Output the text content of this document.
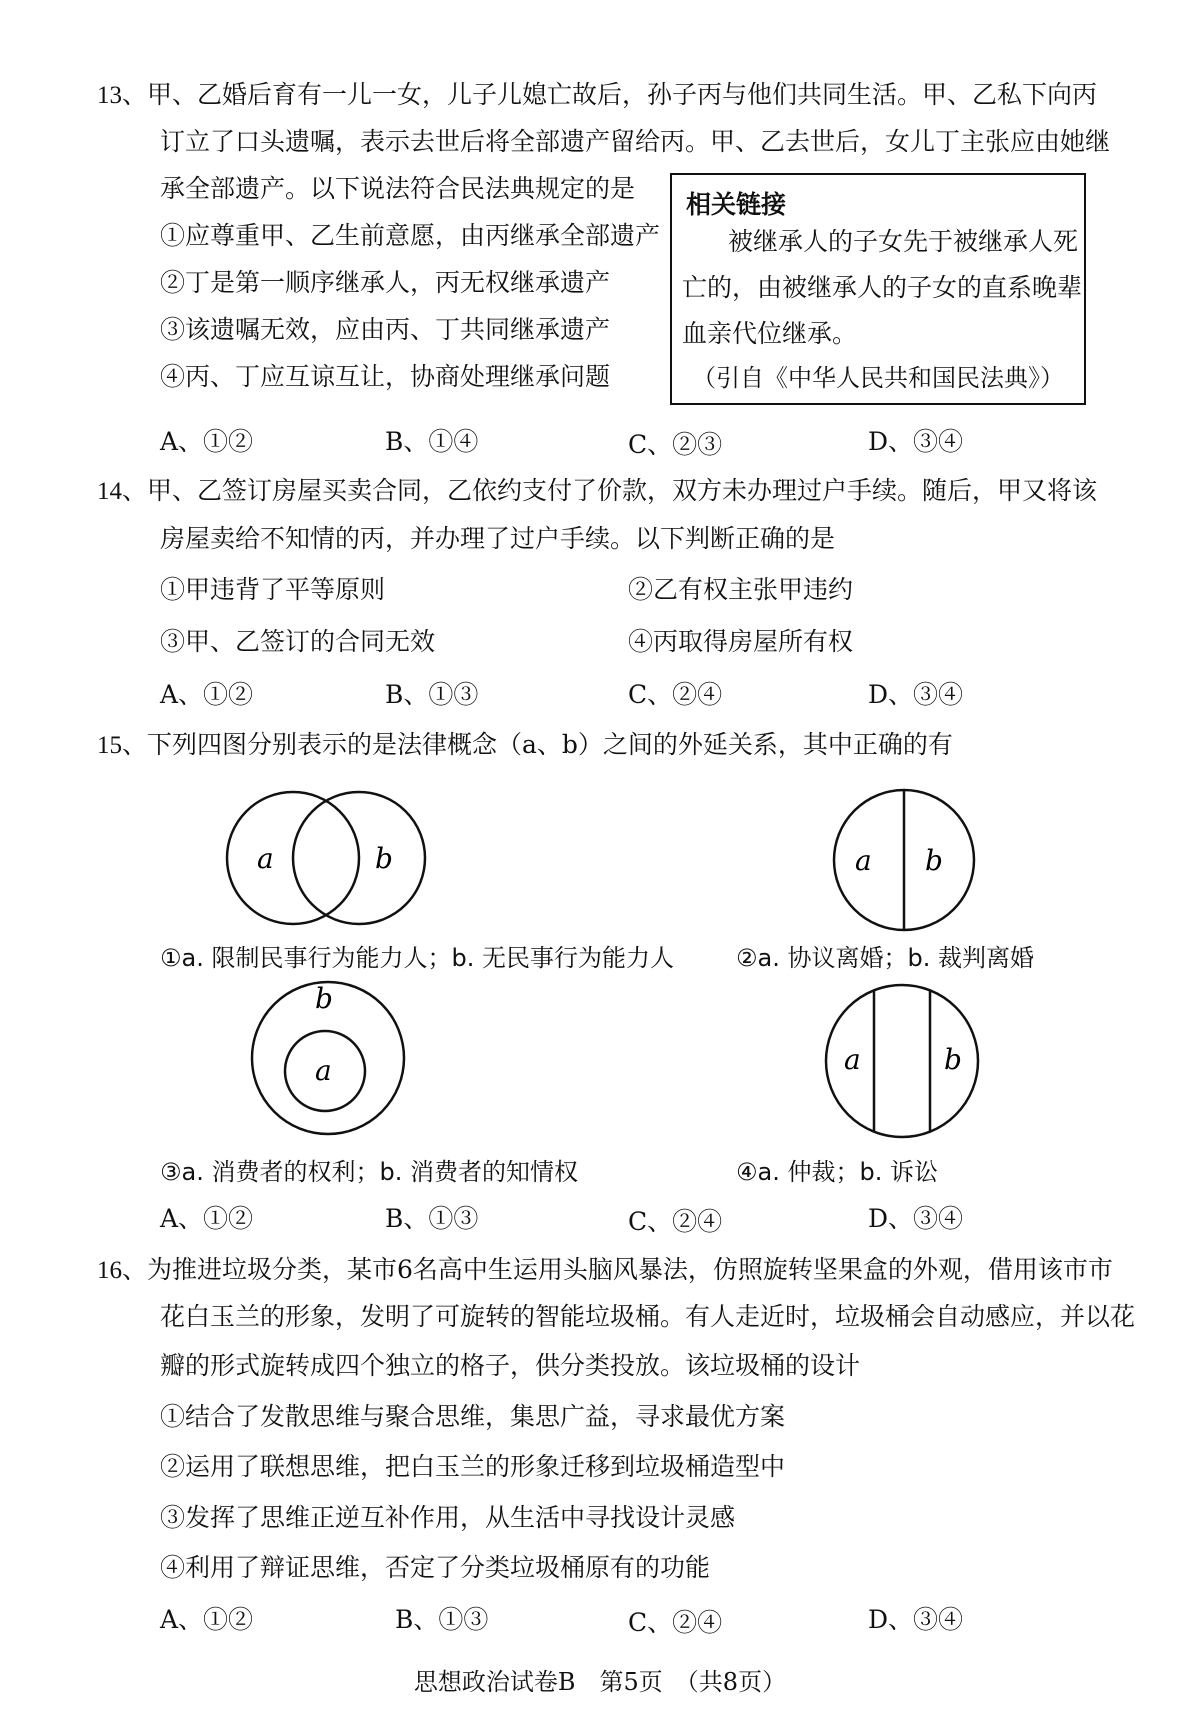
13、甲、乙婚后育有一儿一女，儿子儿媳亡故后，孙子丙与他们共同生活。甲、乙私下向丙
订立了口头遗嘱，表示去世后将全部遗产留给丙。甲、乙去世后，女儿丁主张应由她继
承全部遗产。以下说法符合民法典规定的是
①应尊重甲、乙生前意愿，由丙继承全部遗产
②丁是第一顺序继承人，丙无权继承遗产
③该遗嘱无效，应由丙、丁共同继承遗产
④丙、丁应互谅互让，协商处理继承问题
相关链接
被继承人的子女先于被继承人死
亡的，由被继承人的子女的直系晚辈
血亲代位继承。
（引自《中华人民共和国民法典》）
A、①②	B、①④	C、②③	D、③④
14、甲、乙签订房屋买卖合同，乙依约支付了价款，双方未办理过户手续。随后，甲又将该
房屋卖给不知情的丙，并办理了过户手续。以下判断正确的是
①甲违背了平等原则	②乙有权主张甲违约
③甲、乙签订的合同无效	④丙取得房屋所有权
A、①②	B、①③	C、②④	D、③④
15、下列四图分别表示的是法律概念（a、b）之间的外延关系，其中正确的有
a	b	a b
①a. 限制民事行为能力人；b. 无民事行为能力人	②a. 协议离婚；b. 裁判离婚
b
a	a	b
③a. 消费者的权利；b. 消费者的知情权	④a. 仲裁；b. 诉讼
A、①②	B、①③	C、②④	D、③④
16、为推进垃圾分类，某市6名高中生运用头脑风暴法，仿照旋转坚果盒的外观，借用该市市
花白玉兰的形象，发明了可旋转的智能垃圾桶。有人走近时，垃圾桶会自动感应，并以花
瓣的形式旋转成四个独立的格子，供分类投放。该垃圾桶的设计
①结合了发散思维与聚合思维，集思广益，寻求最优方案
②运用了联想思维，把白玉兰的形象迁移到垃圾桶造型中
③发挥了思维正逆互补作用，从生活中寻找设计灵感
④利用了辩证思维，否定了分类垃圾桶原有的功能
A、①②	B、①③	C、②④	D、③④
思想政治试卷B　第5页　（共8页）
